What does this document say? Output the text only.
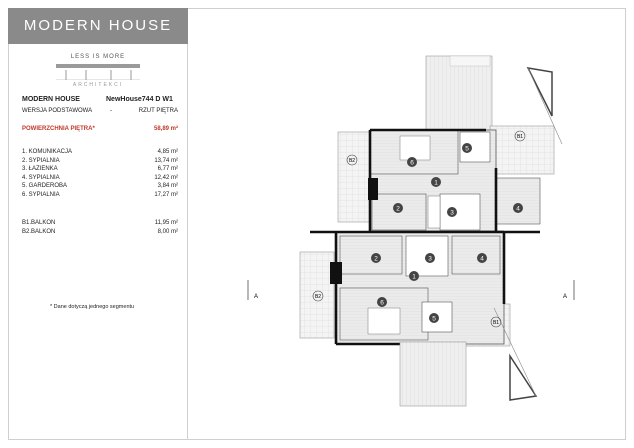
MODERN HOUSE
LESS IS MORE
ARCHITEKCI
MODERN HOUSE	NewHouse744 D W1
WERSJA PODSTAWOWA	-	RZUT PIĘTRA
POWIERZCHNIA PIĘTRA*	58,89 m²
1. KOMUNIKACJA	4,85 m²
2. SYPIALNIA	13,74 m²
3. ŁAZIENKA	6,77 m²
4. SYPIALNIA	12,42 m²
5. GARDEROBA	3,84 m²
6. SYPIALNIA	17,27 m²
B1.BALKON	11,95 m²
B2.BALKON	8,00 m²
* Dane dotyczą jednego segmentu
A	A
1
2
3
4
5
6
1
2	3	4
5
6
B1
B2
B1
B2
